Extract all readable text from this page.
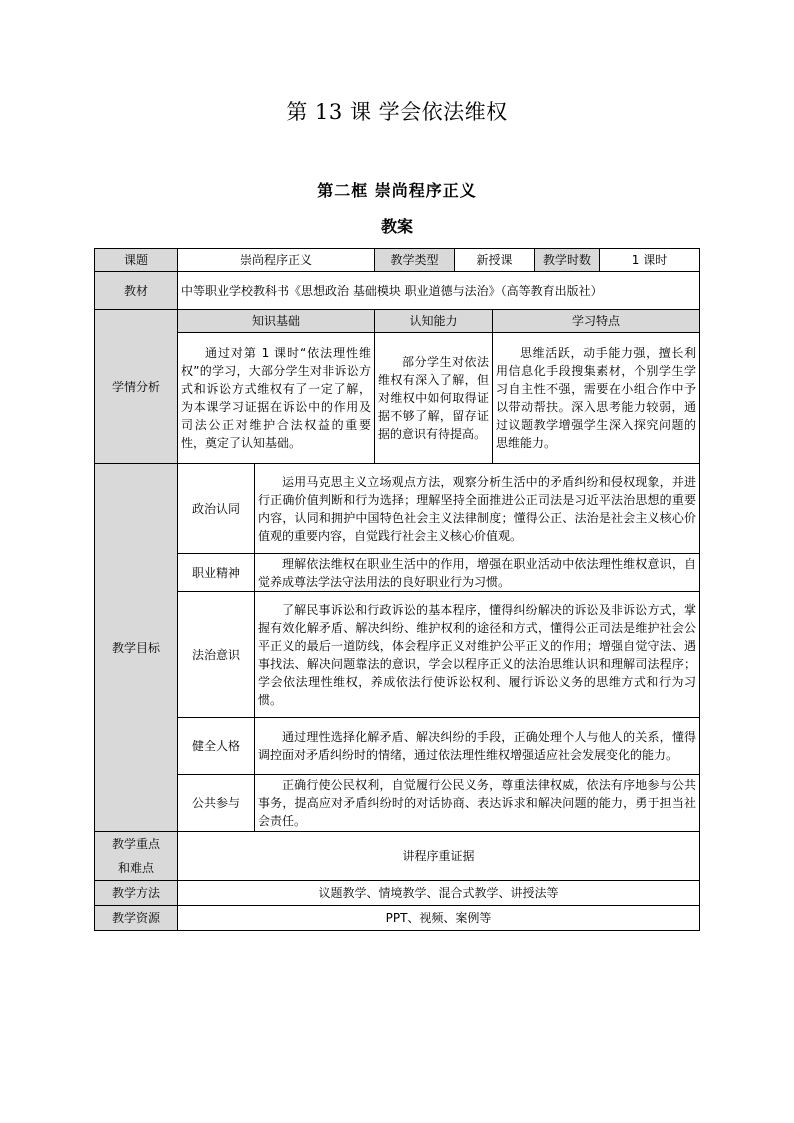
第 13 课 学会依法维权
第二框 崇尚程序正义
教案
课题	崇尚程序正义		教学类型	新授课		教学时数	1 课时
教材	中等职业学校教科书《思想政治 基础模块 职业道德与法治》（高等教育出版社）						
学情分析	知识基础		认知能力		学习特点		
	通过对第 1 课时“依法理性维权”的学习，大部分学生对非诉讼方式和诉讼方式维权有了一定了解，为本课学习证据在诉讼中的作用及司法公正对维护合法权益的重要性，奠定了认知基础。		部分学生对依法维权有深入了解，但对维权中如何取得证据不够了解，留存证据的意识有待提高。		思维活跃，动手能力强，擅长利用信息化手段搜集素材，个别学生学习自主性不强，需要在小组合作中予以带动帮扶。深入思考能力较弱，通过议题教学增强学生深入探究问题的思维能力。		
教学目标	政治认同	运用马克思主义立场观点方法，观察分析生活中的矛盾纠纷和侵权现象，并进行正确价值判断和行为选择；理解坚持全面推进公正司法是习近平法治思想的重要内容，认同和拥护中国特色社会主义法律制度；懂得公正、法治是社会主义核心价值观的重要内容，自觉践行社会主义核心价值观。					
	职业精神	理解依法维权在职业生活中的作用，增强在职业活动中依法理性维权意识，自觉养成尊法学法守法用法的良好职业行为习惯。					
	法治意识	了解民事诉讼和行政诉讼的基本程序，懂得纠纷解决的诉讼及非诉讼方式，掌握有效化解矛盾、解决纠纷、维护权利的途径和方式，懂得公正司法是维护社会公平正义的最后一道防线，体会程序正义对维护公平正义的作用；增强自觉守法、遇事找法、解决问题靠法的意识，学会以程序正义的法治思维认识和理解司法程序；学会依法理性维权，养成依法行使诉讼权利、履行诉讼义务的思维方式和行为习惯。					
	健全人格	通过理性选择化解矛盾、解决纠纷的手段，正确处理个人与他人的关系，懂得调控面对矛盾纠纷时的情绪，通过依法理性维权增强适应社会发展变化的能力。					
	公共参与	正确行使公民权利，自觉履行公民义务，尊重法律权威，依法有序地参与公共事务，提高应对矛盾纠纷时的对话协商、表达诉求和解决问题的能力，勇于担当社会责任。					
教学重点和难点	讲程序重证据						
教学方法	议题教学、情境教学、混合式教学、讲授法等						
教学资源	PPT、视频、案例等						
